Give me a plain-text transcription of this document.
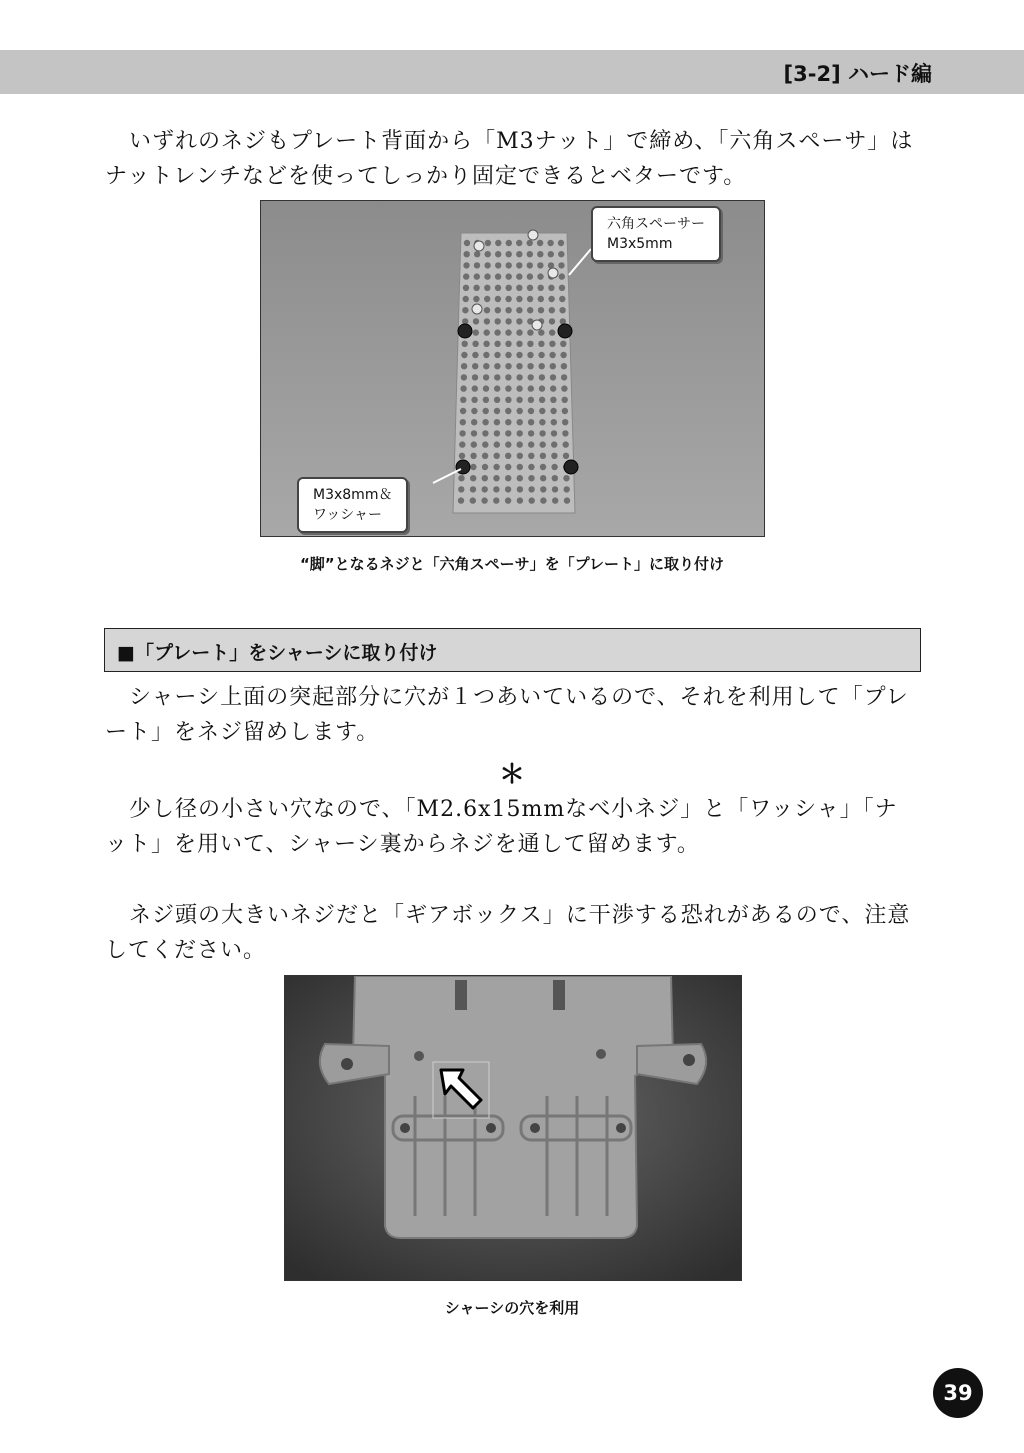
[3-2] ハード編

いずれのネジもプレート背面から「M3ナット」で締め、「六角スペーサ」はナットレンチなどを使ってしっかり固定できるとベターです。

六角スペーサー
M3x5mm
M3x8mm＆
ワッシャー
“脚”となるネジと「六角スペーサ」を「プレート」に取り付け
■「プレート」をシャーシに取り付け

シャーシ上面の突起部分に穴が１つあいているので、それを利用して「プレート」をネジ留めします。

＊

少し径の小さい穴なので、「M2.6x15mmなべ小ネジ」と「ワッシャ」「ナット」を用いて、シャーシ裏からネジを通して留めます。

ネジ頭の大きいネジだと「ギアボックス」に干渉する恐れがあるので、注意してください。

シャーシの穴を利用
39
